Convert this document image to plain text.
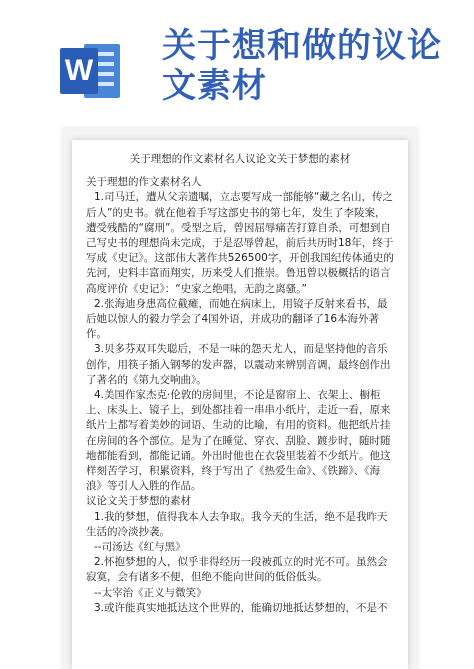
W
关于想和做的议论文素材
关于理想的作文素材名人议论文关于梦想的素材

关于理想的作文素材名人

1.司马迁，遭从父亲遗嘱，立志要写成一部能够“藏之名山，传之后人”的史书。就在他着手写这部史书的第七年，发生了李陵案，遭受残酷的“腐刑”。受型之后，曾因屈辱痛苦打算自杀，可想到自己写史书的理想尚未完成，于是忍辱曾起，前后共历时18年，终于写成《史记》。这部伟大著作共526500字，开创我国纪传体通史的先河，史料丰富而翔实，历来受人们推崇。鲁迅曾以极概括的语言高度评价《史记》：“史家之绝唱，无韵之离骚。”

2.张海迪身患高位截瘫，而她在病床上，用镜子反射来看书，最后她以惊人的毅力学会了4国外语，并成功的翻译了16本海外著作。

3.贝多芬双耳失聪后，不是一味的怨天尤人，而是坚持他的音乐创作，用筷子插入钢琴的发声器，以震动来辨别音调，最终创作出了著名的《第九交响曲》。

4.美国作家杰克·伦敦的房间里，不论是窗帘上、衣架上、橱柜上、床头上、镜子上，到处都挂着一串串小纸片，走近一看，原来纸片上都写着美妙的词语、生动的比喻，有用的资料。他把纸片挂在房间的各个部位。是为了在睡觉、穿衣、刮脸、踱步时，随时随地都能看到，都能记诵。外出时他也在衣袋里装着不少纸片。他这样刻苦学习，积累资料，终于写出了《热爱生命》、《铁蹄》、《海浪》等引人入胜的作品。

议论文关于梦想的素材

1.我的梦想，值得我本人去争取。我今天的生活，绝不是我昨天生活的冷淡抄袭。

--司汤达《红与黑》

2.怀抱梦想的人，似乎非得经历一段被孤立的时光不可。虽然会寂寞，会有诸多不便，但绝不能向世间的低俗低头。

--太宰治《正义与微笑》

3.或许能真实地抵达这个世界的，能确切地抵达梦想的，不是不
